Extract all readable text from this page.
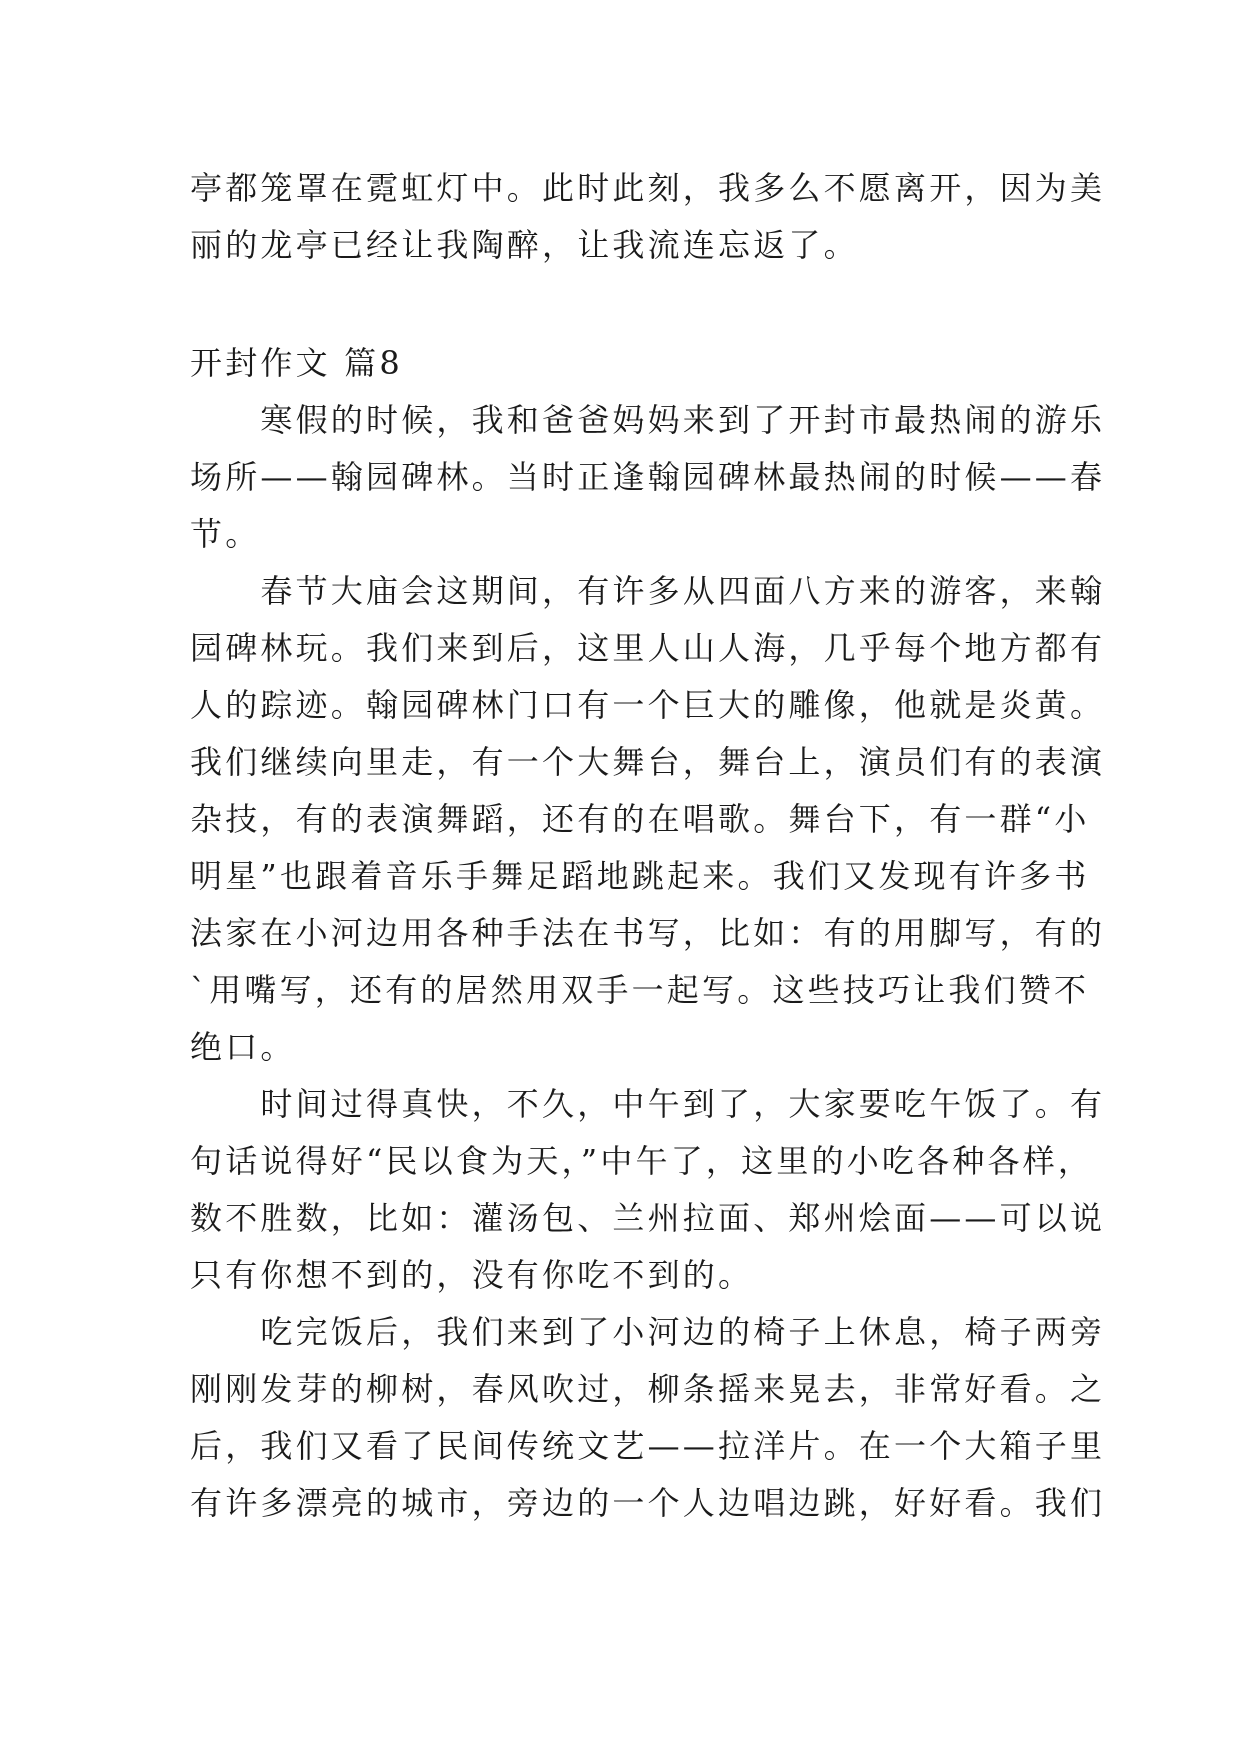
亭都笼罩在霓虹灯中。此时此刻，我多么不愿离开，因为美
丽的龙亭已经让我陶醉，让我流连忘返了。
开封作文 篇8
　　寒假的时候，我和爸爸妈妈来到了开封市最热闹的游乐
场所——翰园碑林。当时正逢翰园碑林最热闹的时候——春
节。
　　春节大庙会这期间，有许多从四面八方来的游客，来翰
园碑林玩。我们来到后，这里人山人海，几乎每个地方都有
人的踪迹。翰园碑林门口有一个巨大的雕像，他就是炎黄。
我们继续向里走，有一个大舞台，舞台上，演员们有的表演
杂技，有的表演舞蹈，还有的在唱歌。舞台下，有一群“小
明星”也跟着音乐手舞足蹈地跳起来。我们又发现有许多书
法家在小河边用各种手法在书写，比如：有的用脚写，有的
`用嘴写，还有的居然用双手一起写。这些技巧让我们赞不
绝口。
　　时间过得真快，不久，中午到了，大家要吃午饭了。有
句话说得好“民以食为天，”中午了，这里的小吃各种各样，
数不胜数，比如：灌汤包、兰州拉面、郑州烩面——可以说
只有你想不到的，没有你吃不到的。
　　吃完饭后，我们来到了小河边的椅子上休息，椅子两旁
刚刚发芽的柳树，春风吹过，柳条摇来晃去，非常好看。之
后，我们又看了民间传统文艺——拉洋片。在一个大箱子里
有许多漂亮的城市，旁边的一个人边唱边跳，好好看。我们
